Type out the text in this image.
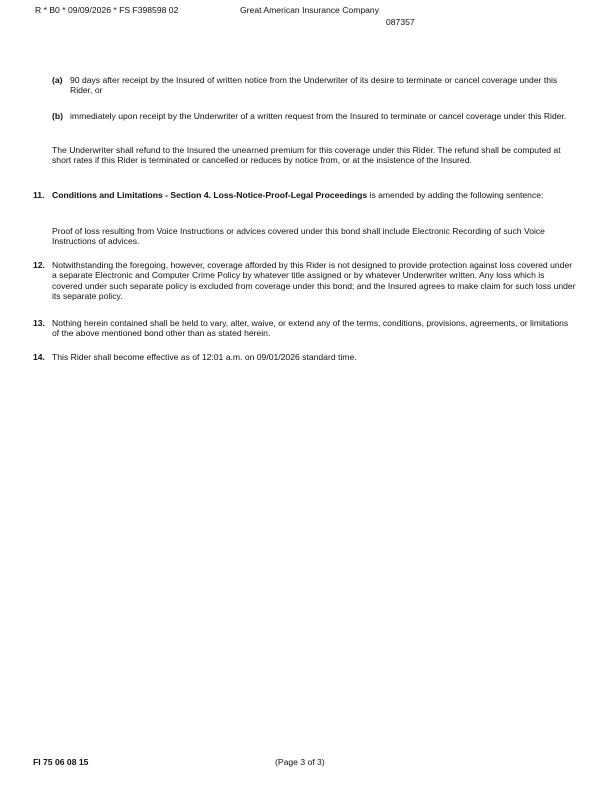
R * B0 * 09/09/2026 * FS F398598 02	Great American Insurance Company
087357
(a) 90 days after receipt by the Insured of written notice from the Underwriter of its desire to terminate or cancel coverage under this Rider, or
(b) immediately upon receipt by the Underwriter of a written request from the Insured to terminate or cancel coverage under this Rider.
The Underwriter shall refund to the Insured the unearned premium for this coverage under this Rider. The refund shall be computed at short rates if this Rider is terminated or cancelled or reduces by notice from, or at the insistence of the Insured.
11. Conditions and Limitations - Section 4. Loss-Notice-Proof-Legal Proceedings is amended by adding the following sentence:
Proof of loss resulting from Voice Instructions or advices covered under this bond shall include Electronic Recording of such Voice Instructions of advices.
12. Notwithstanding the foregoing, however, coverage afforded by this Rider is not designed to provide protection against loss covered under a separate Electronic and Computer Crime Policy by whatever title assigned or by whatever Underwriter written. Any loss which is covered under such separate policy is excluded from coverage under this bond; and the Insured agrees to make claim for such loss under its separate policy.
13. Nothing herein contained shall be held to vary, alter, waive, or extend any of the terms, conditions, provisions, agreements, or limitations of the above mentioned bond other than as stated herein.
14. This Rider shall become effective as of 12:01 a.m. on 09/01/2026 standard time.
FI 75 06 08 15	(Page 3 of 3)
